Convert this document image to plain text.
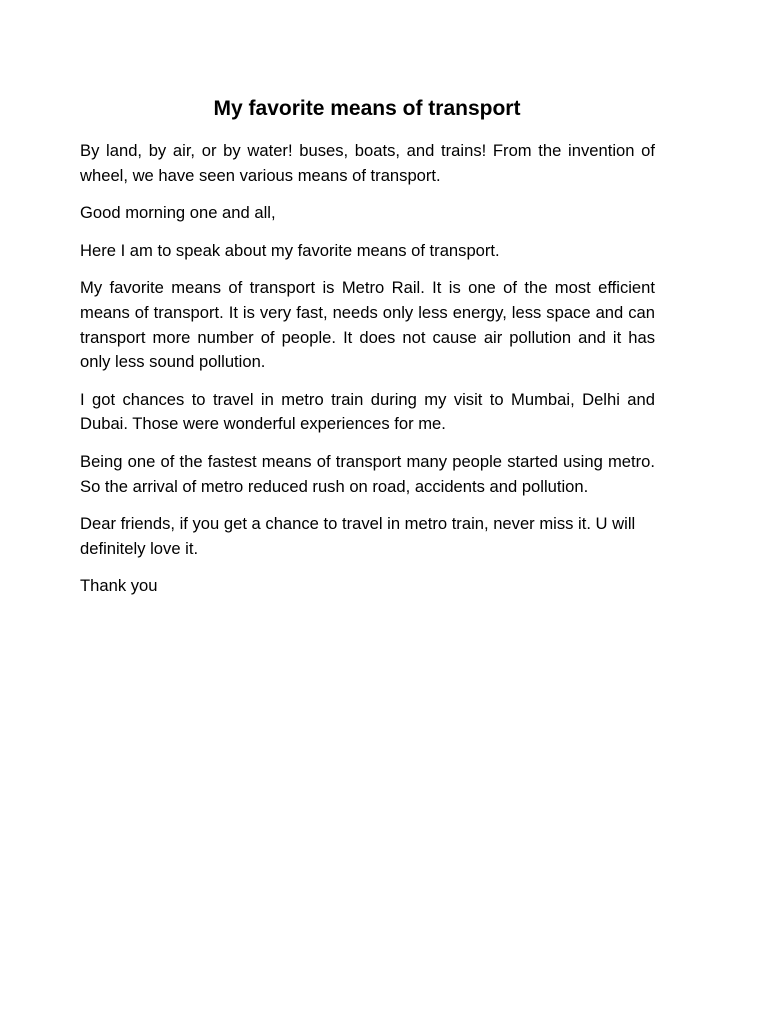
My favorite means of transport

By land, by air, or by water! buses, boats, and trains! From the invention of wheel, we have seen various means of transport.

Good morning one and all,

Here I am to speak about my favorite means of transport.

My favorite means of transport is Metro Rail. It is one of the most efficient means of transport. It is very fast, needs only less energy, less space and can transport more number of people. It does not cause air pollution and it has only less sound pollution.

I got chances to travel in metro train during my visit to Mumbai, Delhi and Dubai. Those were wonderful experiences for me.

Being one of the fastest means of transport many people started using metro. So the arrival of metro reduced rush on road, accidents and pollution.

Dear friends, if you get a chance to travel in metro train, never miss it. U will definitely love it.

Thank you
